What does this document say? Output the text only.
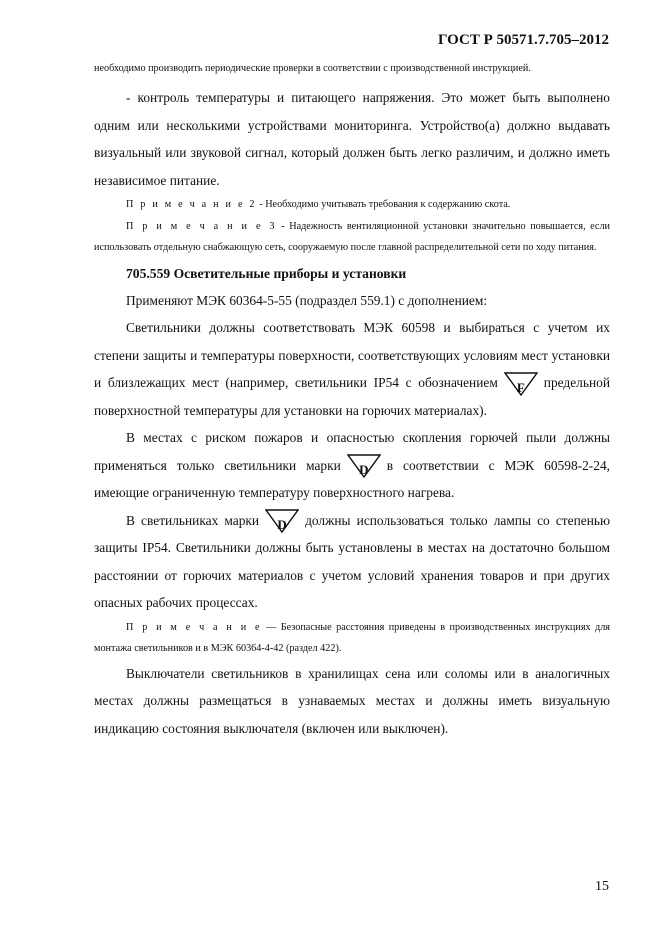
ГОСТ Р 50571.7.705–2012
необходимо производить периодические проверки в соответствии с производственной инструкцией.

- контроль температуры и питающего напряжения. Это может быть выполнено одним или несколькими устройствами мониторинга. Устройство(а) должно выдавать визуальный или звуковой сигнал, который должен быть легко различим, и должно иметь независимое питание.

П р и м е ч а н и е 2 - Необходимо учитывать требования к содержанию скота.

П р и м е ч а н и е 3 - Надежность вентиляционной установки значительно повышается, если использовать отдельную снабжающую сеть, сооружаемую после главной распределительной сети по ходу питания.

705.559 Осветительные приборы и установки

Применяют МЭК 60364-5-55 (подраздел 559.1) с дополнением:

Светильники должны соответствовать МЭК 60598 и выбираться с учетом их степени защиты и температуры поверхности, соответствующих условиям мест установки и близлежащих мест (например, светильники IP54 с обозначением	F	предельной поверхностной температуры для установки на горючих материалах).

В местах с риском пожаров и опасностью скопления горючей пыли должны применяться только светильники марки	D	в соответствии с МЭК 60598-2-24, имеющие ограниченную температуру поверхностного нагрева.

В светильниках марки	D	должны использоваться только лампы со степенью защиты IP54. Светильники должны быть установлены в местах на достаточно большом расстоянии от горючих материалов с учетом условий хранения товаров и при других опасных рабочих процессах.

П р и м е ч а н и е — Безопасные расстояния приведены в производственных инструкциях для монтажа светильников и в МЭК 60364-4-42 (раздел 422).

Выключатели светильников в хранилищах сена или соломы или в аналогичных местах должны размещаться в узнаваемых местах и должны иметь визуальную индикацию состояния выключателя (включен или выключен).

15
